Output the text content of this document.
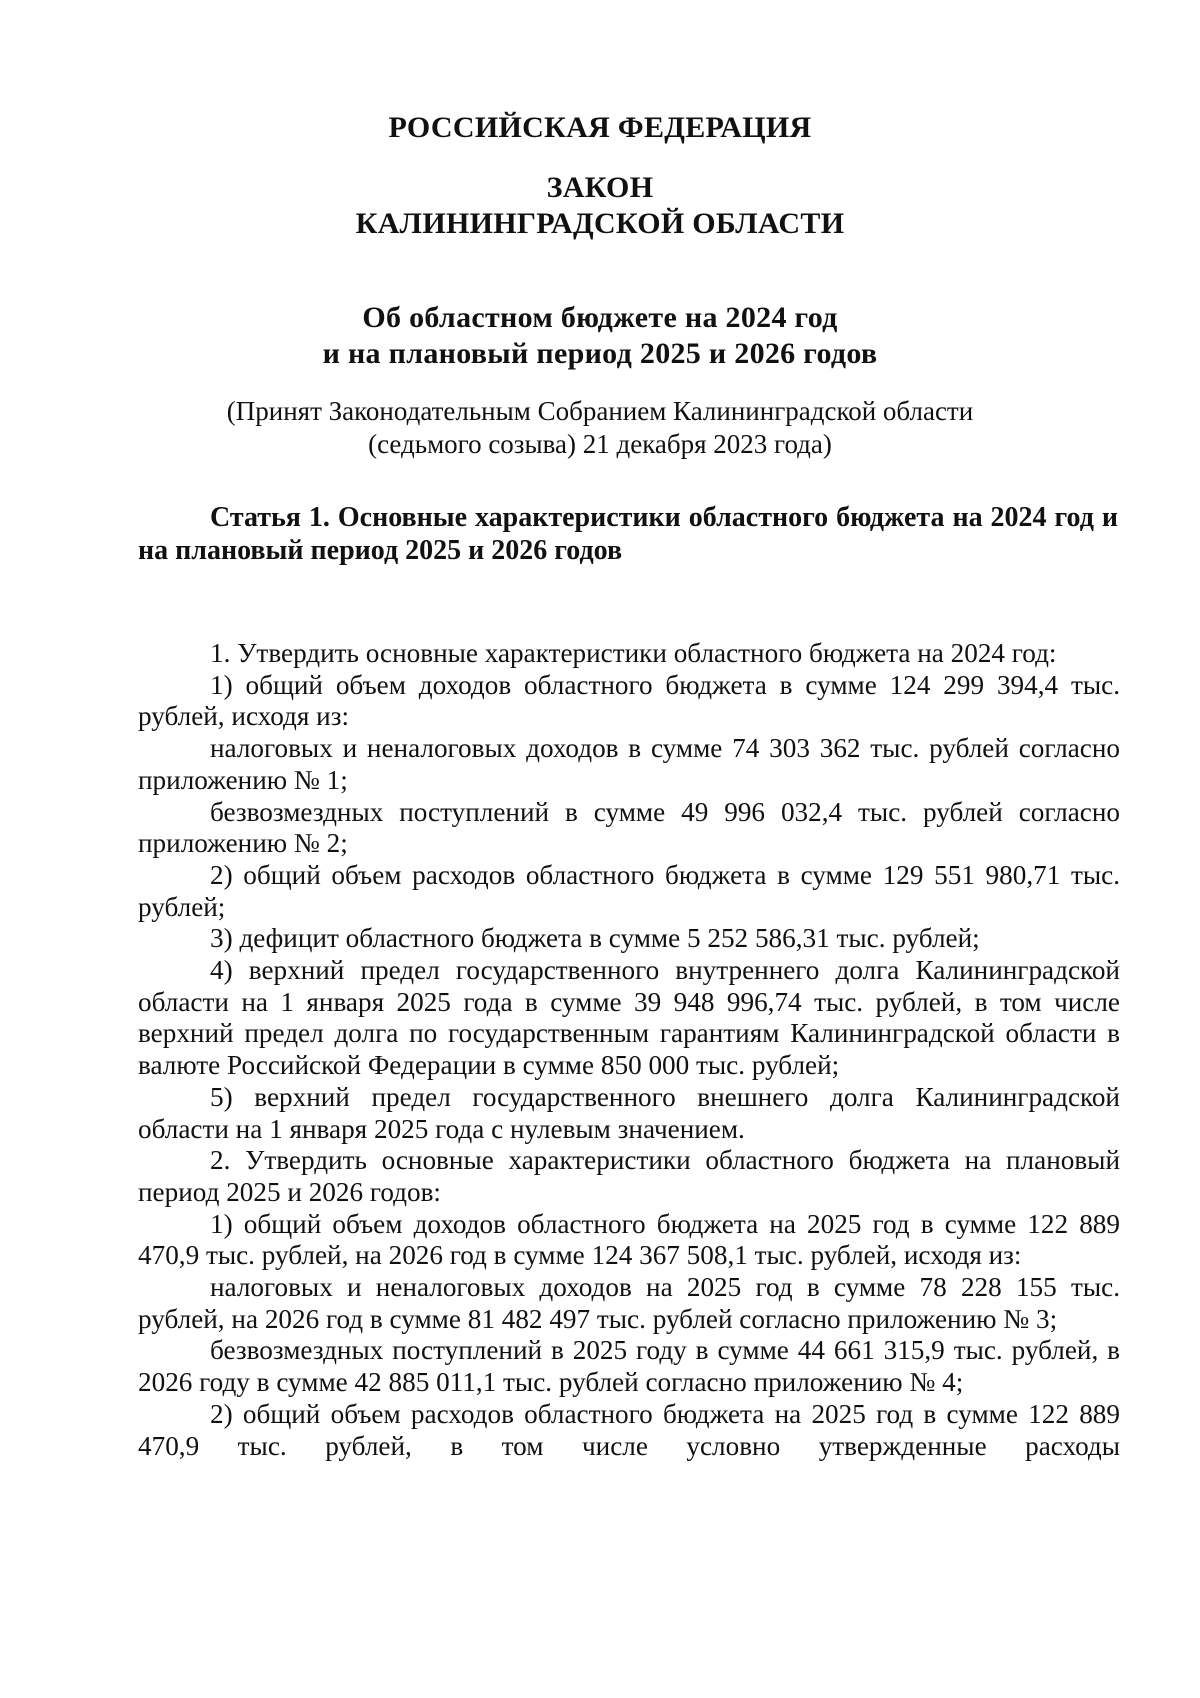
РОССИЙСКАЯ ФЕДЕРАЦИЯ
ЗАКОН
КАЛИНИНГРАДСКОЙ ОБЛАСТИ
Об областном бюджете на 2024 год
и на плановый период 2025 и 2026 годов
(Принят Законодательным Собранием Калининградской области
(седьмого созыва) 21 декабря 2023 года)
Статья 1. Основные характеристики областного бюджета на 2024 год и на плановый период 2025 и 2026 годов

1. Утвердить основные характеристики областного бюджета на 2024 год:

1) общий объем доходов областного бюджета в сумме 124 299 394,4 тыс. рублей, исходя из:

налоговых и неналоговых доходов в сумме 74 303 362 тыс. рублей согласно приложению № 1;

безвозмездных поступлений в сумме 49 996 032,4 тыс. рублей согласно приложению № 2;

2) общий объем расходов областного бюджета в сумме 129 551 980,71 тыс. рублей;

3) дефицит областного бюджета в сумме 5 252 586,31 тыс. рублей;

4) верхний предел государственного внутреннего долга Калининградской области на 1 января 2025 года в сумме 39 948 996,74 тыс. рублей, в том числе верхний предел долга по государственным гарантиям Калининградской области в валюте Российской Федерации в сумме 850 000 тыс. рублей;

5) верхний предел государственного внешнего долга Калининградской области на 1 января 2025 года с нулевым значением.

2. Утвердить основные характеристики областного бюджета на плановый период 2025 и 2026 годов:

1) общий объем доходов областного бюджета на 2025 год в сумме 122 889 470,9 тыс. рублей, на 2026 год в сумме 124 367 508,1 тыс. рублей, исходя из:

налоговых и неналоговых доходов на 2025 год в сумме 78 228 155 тыс. рублей, на 2026 год в сумме 81 482 497 тыс. рублей согласно приложению № 3;

безвозмездных поступлений в 2025 году в сумме 44 661 315,9 тыс. рублей, в 2026 году в сумме 42 885 011,1 тыс. рублей согласно приложению № 4;

2) общий объем расходов областного бюджета на 2025 год в сумме 122 889 470,9 тыс. рублей, в том числе условно утвержденные расходы
